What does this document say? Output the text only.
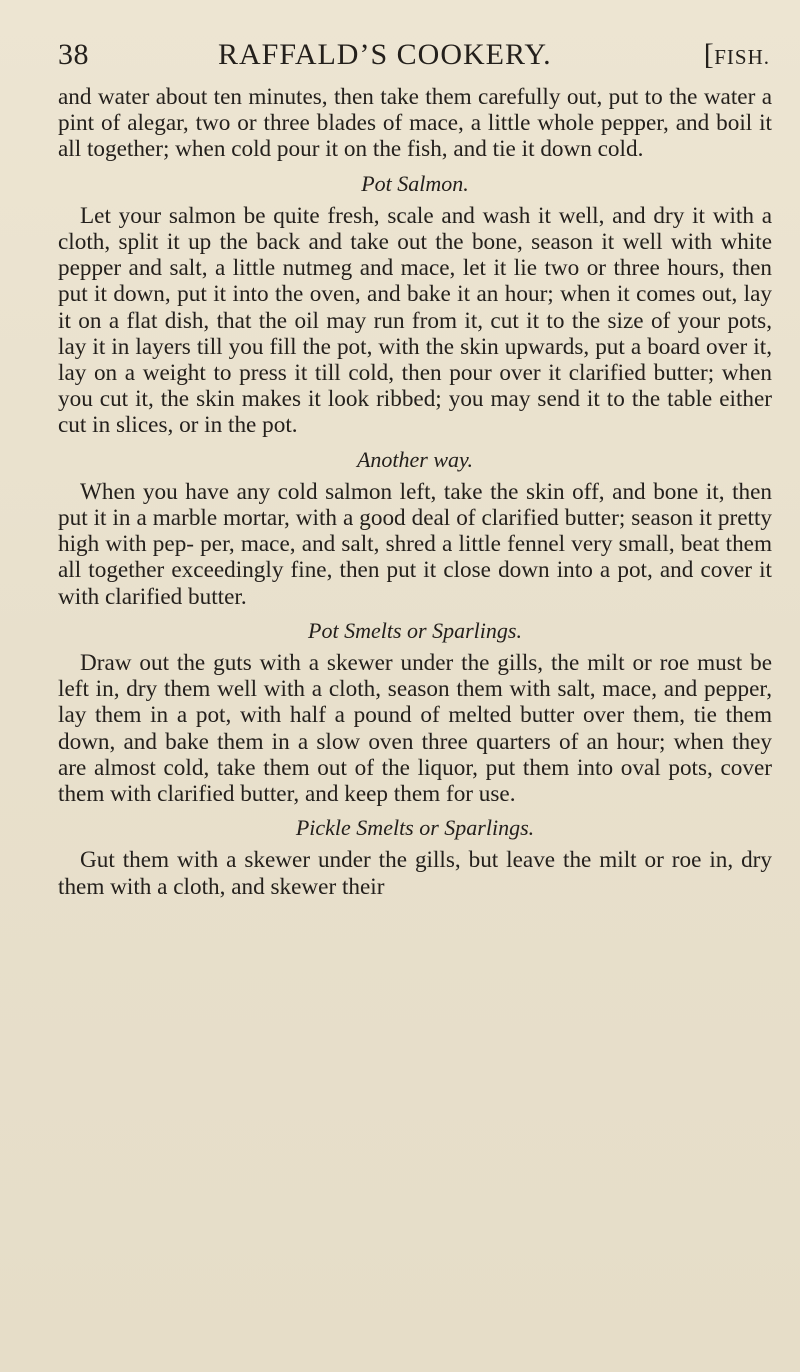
38	RAFFALD’S COOKERY.	[FISH.

and water about ten minutes, then take them carefully out, put to the water a pint of alegar, two or three blades of mace, a little whole pepper, and boil it all together; when cold pour it on the fish, and tie it down cold.

Pot Salmon.

Let your salmon be quite fresh, scale and wash it well, and dry it with a cloth, split it up the back and take out the bone, season it well with white pepper and salt, a little nutmeg and mace, let it lie two or three hours, then put it down, put it into the oven, and bake it an hour; when it comes out, lay it on a flat dish, that the oil may run from it, cut it to the size of your pots, lay it in layers till you fill the pot, with the skin upwards, put a board over it, lay on a weight to press it till cold, then pour over it clarified butter; when you cut it, the skin makes it look ribbed; you may send it to the table either cut in slices, or in the pot.

Another way.

When you have any cold salmon left, take the skin off, and bone it, then put it in a marble mortar, with a good deal of clarified butter; season it pretty high with pep- per, mace, and salt, shred a little fennel very small, beat them all together exceedingly fine, then put it close down into a pot, and cover it with clarified butter.

Pot Smelts or Sparlings.

Draw out the guts with a skewer under the gills, the milt or roe must be left in, dry them well with a cloth, season them with salt, mace, and pepper, lay them in a pot, with half a pound of melted butter over them, tie them down, and bake them in a slow oven three quarters of an hour; when they are almost cold, take them out of the liquor, put them into oval pots, cover them with clarified butter, and keep them for use.

Pickle Smelts or Sparlings.

Gut them with a skewer under the gills, but leave the milt or roe in, dry them with a cloth, and skewer their
